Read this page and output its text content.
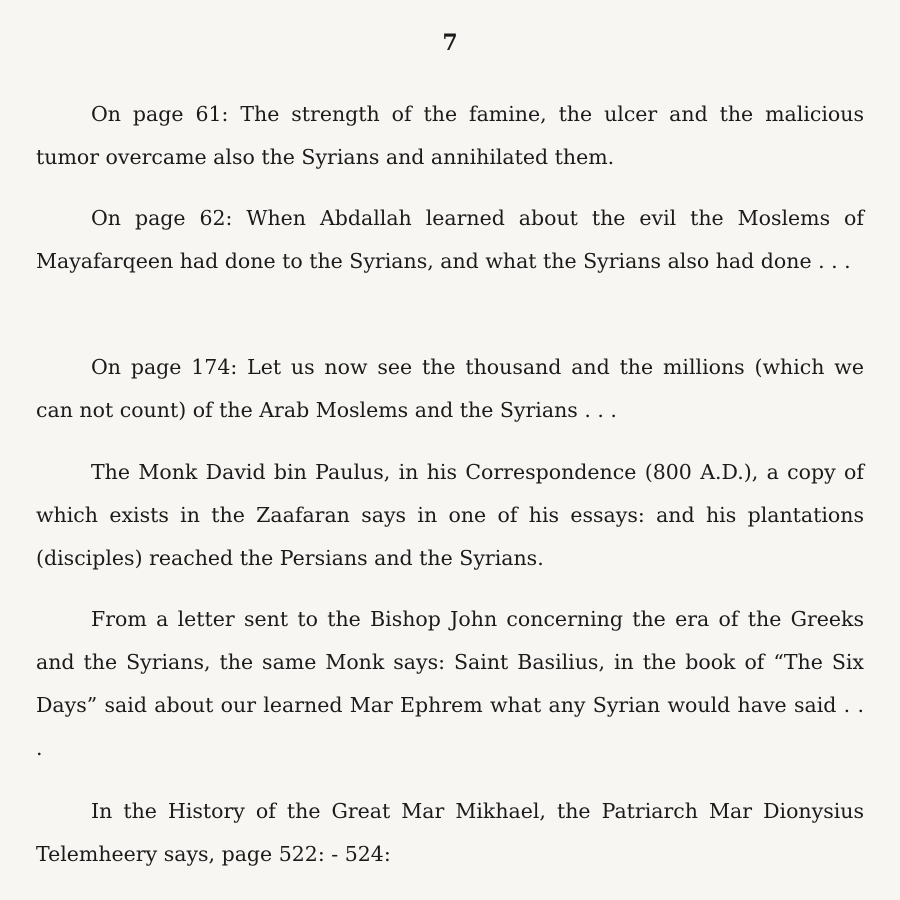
7

On page 61: The strength of the famine, the ulcer and the malicious tumor overcame also the Syrians and annihilated them.

On page 62: When Abdallah learned about the evil the Moslems of Mayafarqeen had done to the Syrians, and what the Syrians also had done . . .

On page 174: Let us now see the thousand and the millions (which we can not count) of the Arab Moslems and the Syrians . . .

The Monk David bin Paulus, in his Correspondence (800 A.D.), a copy of which exists in the Zaafaran says in one of his essays: and his plantations (disciples) reached the Persians and the Syrians.

From a letter sent to the Bishop John concerning the era of the Greeks and the Syrians, the same Monk says: Saint Basilius, in the book of “The Six Days” said about our learned Mar Ephrem what any Syrian would have said . . .

In the History of the Great Mar Mikhael, the Patriarch Mar Dionysius Telemheery says, page 522: - 524:
